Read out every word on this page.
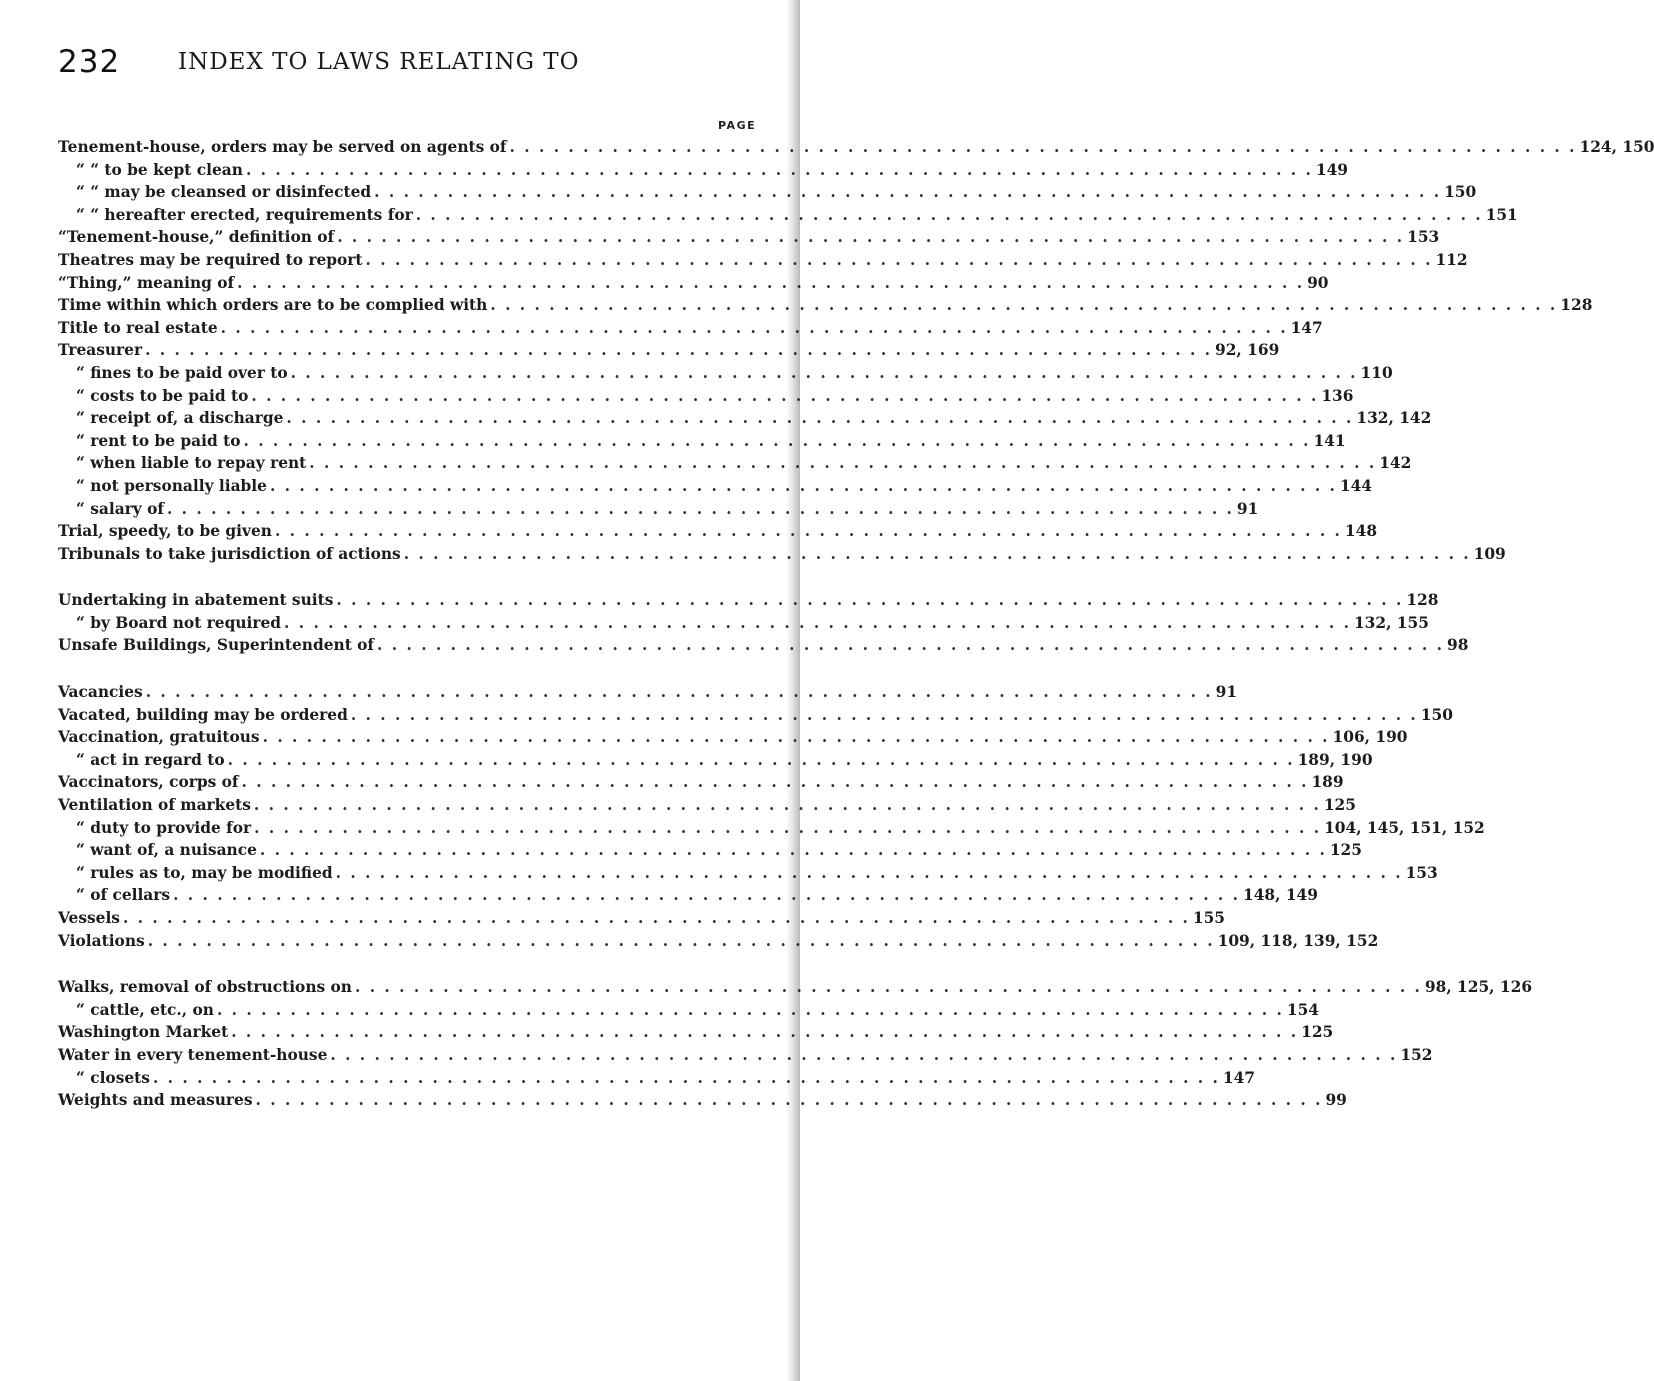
232	INDEX TO LAWS RELATING TO
PAGE
Tenement-house, orders may be served on agents of . . . . . . . . . . . . . . . . . . . . . . . . . . . . . . . . . . . . . . . . . . . . . . . . . . . . . . . . . . . . . . . . . . . . . . . . . 124, 150
“ “ to be kept clean . . . . . . . . . . . . . . . . . . . . . . . . . . . . . . . . . . . . . . . . . . . . . . . . . . . . . . . . . . . . . . . . . . . . . . . . . 149
“ “ may be cleansed or disinfected . . . . . . . . . . . . . . . . . . . . . . . . . . . . . . . . . . . . . . . . . . . . . . . . . . . . . . . . . . . . . . . . . . . . . . . . . 150
“ “ hereafter erected, requirements for . . . . . . . . . . . . . . . . . . . . . . . . . . . . . . . . . . . . . . . . . . . . . . . . . . . . . . . . . . . . . . . . . . . . . . . . . 151
“Tenement-house,” definition of . . . . . . . . . . . . . . . . . . . . . . . . . . . . . . . . . . . . . . . . . . . . . . . . . . . . . . . . . . . . . . . . . . . . . . . . . 153
Theatres may be required to report . . . . . . . . . . . . . . . . . . . . . . . . . . . . . . . . . . . . . . . . . . . . . . . . . . . . . . . . . . . . . . . . . . . . . . . . . 112
“Thing,” meaning of . . . . . . . . . . . . . . . . . . . . . . . . . . . . . . . . . . . . . . . . . . . . . . . . . . . . . . . . . . . . . . . . . . . . . . . . . 90
Time within which orders are to be complied with . . . . . . . . . . . . . . . . . . . . . . . . . . . . . . . . . . . . . . . . . . . . . . . . . . . . . . . . . . . . . . . . . . . . . . . . . 128
Title to real estate . . . . . . . . . . . . . . . . . . . . . . . . . . . . . . . . . . . . . . . . . . . . . . . . . . . . . . . . . . . . . . . . . . . . . . . . . 147
Treasurer . . . . . . . . . . . . . . . . . . . . . . . . . . . . . . . . . . . . . . . . . . . . . . . . . . . . . . . . . . . . . . . . . . . . . . . . . 92, 169
“ fines to be paid over to . . . . . . . . . . . . . . . . . . . . . . . . . . . . . . . . . . . . . . . . . . . . . . . . . . . . . . . . . . . . . . . . . . . . . . . . . 110
“ costs to be paid to . . . . . . . . . . . . . . . . . . . . . . . . . . . . . . . . . . . . . . . . . . . . . . . . . . . . . . . . . . . . . . . . . . . . . . . . . 136
“ receipt of, a discharge . . . . . . . . . . . . . . . . . . . . . . . . . . . . . . . . . . . . . . . . . . . . . . . . . . . . . . . . . . . . . . . . . . . . . . . . . 132, 142
“ rent to be paid to . . . . . . . . . . . . . . . . . . . . . . . . . . . . . . . . . . . . . . . . . . . . . . . . . . . . . . . . . . . . . . . . . . . . . . . . . 141
“ when liable to repay rent . . . . . . . . . . . . . . . . . . . . . . . . . . . . . . . . . . . . . . . . . . . . . . . . . . . . . . . . . . . . . . . . . . . . . . . . . 142
“ not personally liable . . . . . . . . . . . . . . . . . . . . . . . . . . . . . . . . . . . . . . . . . . . . . . . . . . . . . . . . . . . . . . . . . . . . . . . . . 144
“ salary of . . . . . . . . . . . . . . . . . . . . . . . . . . . . . . . . . . . . . . . . . . . . . . . . . . . . . . . . . . . . . . . . . . . . . . . . . 91
Trial, speedy, to be given . . . . . . . . . . . . . . . . . . . . . . . . . . . . . . . . . . . . . . . . . . . . . . . . . . . . . . . . . . . . . . . . . . . . . . . . . 148
Tribunals to take jurisdiction of actions . . . . . . . . . . . . . . . . . . . . . . . . . . . . . . . . . . . . . . . . . . . . . . . . . . . . . . . . . . . . . . . . . . . . . . . . . 109
Undertaking in abatement suits . . . . . . . . . . . . . . . . . . . . . . . . . . . . . . . . . . . . . . . . . . . . . . . . . . . . . . . . . . . . . . . . . . . . . . . . . 128
“ by Board not required . . . . . . . . . . . . . . . . . . . . . . . . . . . . . . . . . . . . . . . . . . . . . . . . . . . . . . . . . . . . . . . . . . . . . . . . . 132, 155
Unsafe Buildings, Superintendent of . . . . . . . . . . . . . . . . . . . . . . . . . . . . . . . . . . . . . . . . . . . . . . . . . . . . . . . . . . . . . . . . . . . . . . . . . 98
Vacancies . . . . . . . . . . . . . . . . . . . . . . . . . . . . . . . . . . . . . . . . . . . . . . . . . . . . . . . . . . . . . . . . . . . . . . . . . 91
Vacated, building may be ordered . . . . . . . . . . . . . . . . . . . . . . . . . . . . . . . . . . . . . . . . . . . . . . . . . . . . . . . . . . . . . . . . . . . . . . . . . 150
Vaccination, gratuitous . . . . . . . . . . . . . . . . . . . . . . . . . . . . . . . . . . . . . . . . . . . . . . . . . . . . . . . . . . . . . . . . . . . . . . . . . 106, 190
“ act in regard to . . . . . . . . . . . . . . . . . . . . . . . . . . . . . . . . . . . . . . . . . . . . . . . . . . . . . . . . . . . . . . . . . . . . . . . . . 189, 190
Vaccinators, corps of . . . . . . . . . . . . . . . . . . . . . . . . . . . . . . . . . . . . . . . . . . . . . . . . . . . . . . . . . . . . . . . . . . . . . . . . . 189
Ventilation of markets . . . . . . . . . . . . . . . . . . . . . . . . . . . . . . . . . . . . . . . . . . . . . . . . . . . . . . . . . . . . . . . . . . . . . . . . . 125
“ duty to provide for . . . . . . . . . . . . . . . . . . . . . . . . . . . . . . . . . . . . . . . . . . . . . . . . . . . . . . . . . . . . . . . . . . . . . . . . . 104, 145, 151, 152
“ want of, a nuisance . . . . . . . . . . . . . . . . . . . . . . . . . . . . . . . . . . . . . . . . . . . . . . . . . . . . . . . . . . . . . . . . . . . . . . . . . 125
“ rules as to, may be modified . . . . . . . . . . . . . . . . . . . . . . . . . . . . . . . . . . . . . . . . . . . . . . . . . . . . . . . . . . . . . . . . . . . . . . . . . 153
“ of cellars . . . . . . . . . . . . . . . . . . . . . . . . . . . . . . . . . . . . . . . . . . . . . . . . . . . . . . . . . . . . . . . . . . . . . . . . . 148, 149
Vessels . . . . . . . . . . . . . . . . . . . . . . . . . . . . . . . . . . . . . . . . . . . . . . . . . . . . . . . . . . . . . . . . . . . . . . . . . 155
Violations . . . . . . . . . . . . . . . . . . . . . . . . . . . . . . . . . . . . . . . . . . . . . . . . . . . . . . . . . . . . . . . . . . . . . . . . . 109, 118, 139, 152
Walks, removal of obstructions on . . . . . . . . . . . . . . . . . . . . . . . . . . . . . . . . . . . . . . . . . . . . . . . . . . . . . . . . . . . . . . . . . . . . . . . . . 98, 125, 126
“ cattle, etc., on . . . . . . . . . . . . . . . . . . . . . . . . . . . . . . . . . . . . . . . . . . . . . . . . . . . . . . . . . . . . . . . . . . . . . . . . . 154
Washington Market . . . . . . . . . . . . . . . . . . . . . . . . . . . . . . . . . . . . . . . . . . . . . . . . . . . . . . . . . . . . . . . . . . . . . . . . . 125
Water in every tenement-house . . . . . . . . . . . . . . . . . . . . . . . . . . . . . . . . . . . . . . . . . . . . . . . . . . . . . . . . . . . . . . . . . . . . . . . . . 152
“ closets . . . . . . . . . . . . . . . . . . . . . . . . . . . . . . . . . . . . . . . . . . . . . . . . . . . . . . . . . . . . . . . . . . . . . . . . . 147
Weights and measures . . . . . . . . . . . . . . . . . . . . . . . . . . . . . . . . . . . . . . . . . . . . . . . . . . . . . . . . . . . . . . . . . . . . . . . . . 99
